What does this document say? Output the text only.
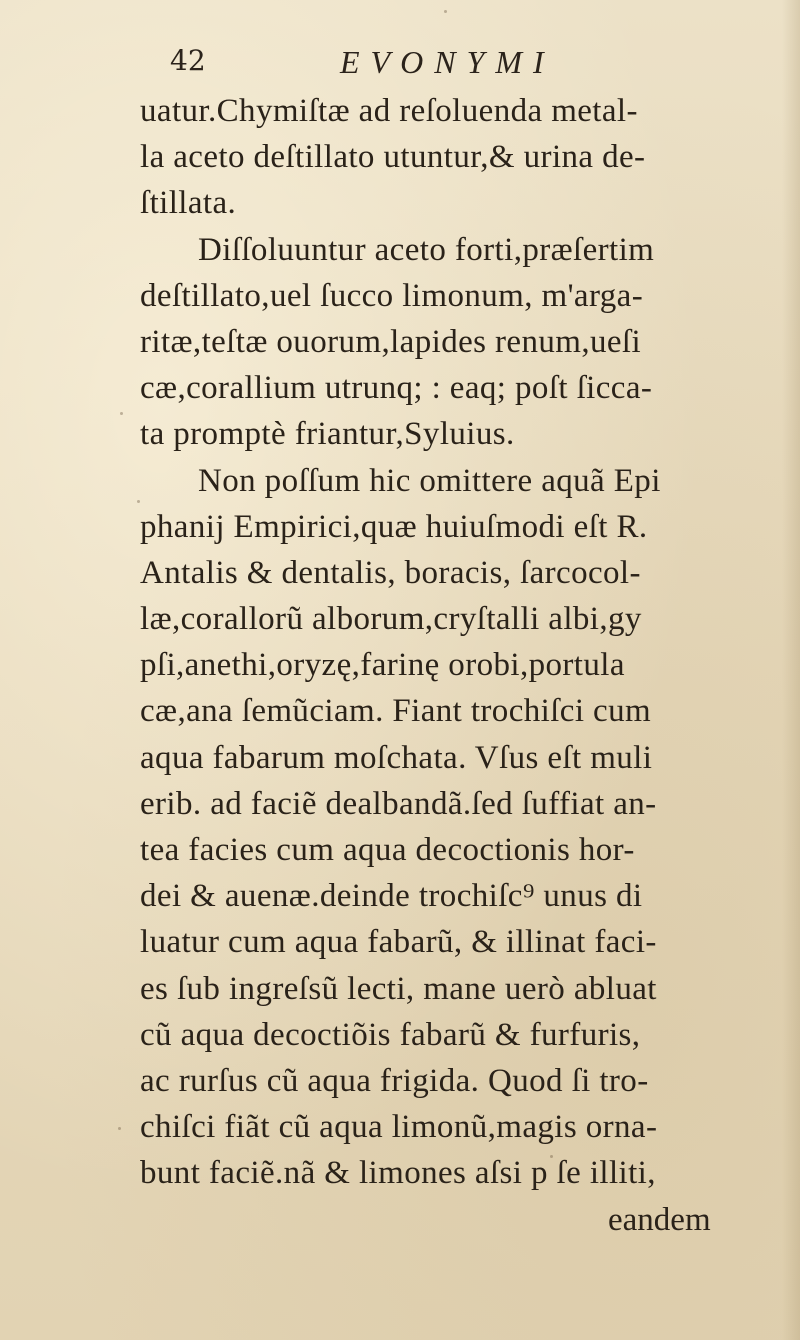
42	EVONYMI
uatur.Chymiſtæ ad reſoluenda metal-
la aceto deſtillato utuntur,& urina de-
ſtillata.
Diſſoluuntur aceto forti,præſertim
deſtillato,uel ſucco limonum, m'arga-
ritæ,teſtæ ouorum,lapides renum,ueſi
cæ,corallium utrunq; : eaq; poſt ſicca-
ta promptè friantur,Syluius.
Non poſſum hic omittere aquã Epi
phanij Empirici,quæ huiuſmodi eſt R.
Antalis & dentalis, boracis, ſarcocol-
læ,corallorũ alborum,cryſtalli albi,gy
pſi,anethi,oryzę,farinę orobi,portula
cæ,ana ſemũciam. Fiant trochiſci cum
aqua fabarum moſchata. Vſus eſt muli
erib. ad faciẽ dealbandã.ſed ſuffiat an-
tea facies cum aqua decoctionis hor-
dei & auenæ.deinde trochiſc⁹ unus di
luatur cum aqua fabarũ, & illinat faci-
es ſub ingreſsũ lecti, mane uerò abluat
cũ aqua decoctiõis fabarũ & furfuris,
ac rurſus cũ aqua frigida. Quod ſi tro-
chiſci fiãt cũ aqua limonũ,magis orna-
bunt faciẽ.nã & limones aſsi p ſe illiti,
eandem
